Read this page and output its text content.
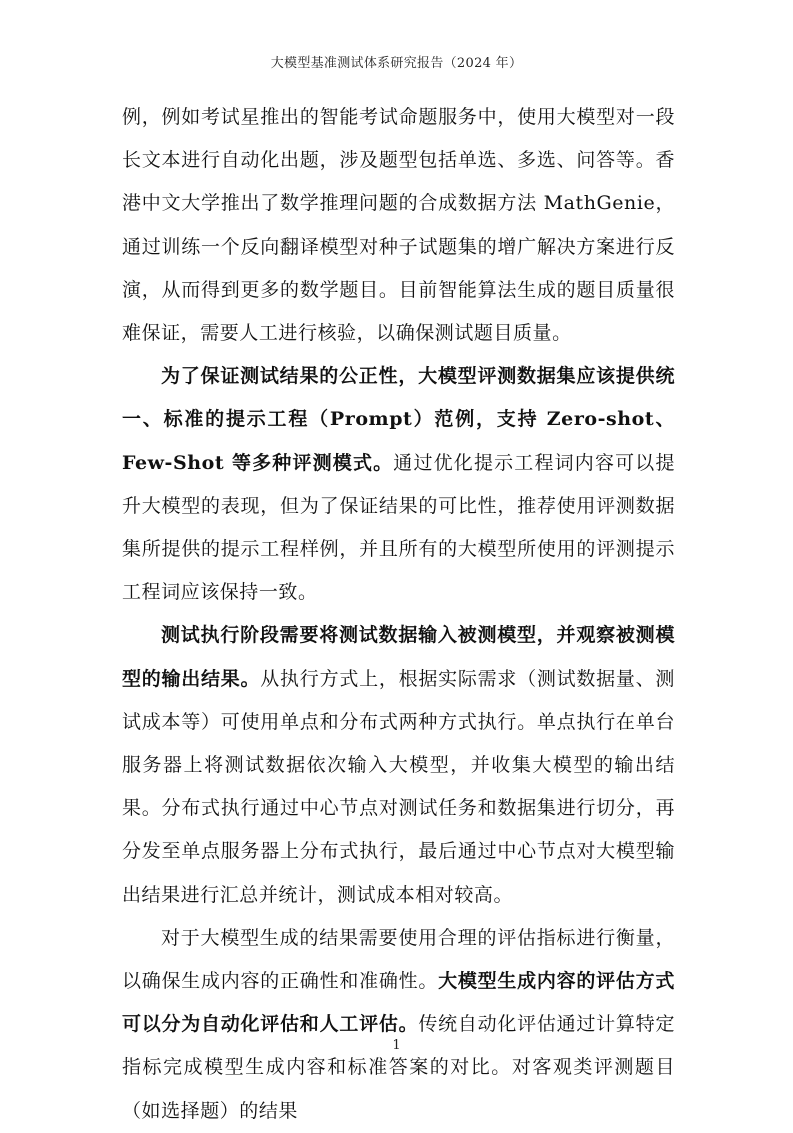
大模型基准测试体系研究报告（2024 年）

例，例如考试星推出的智能考试命题服务中，使用大模型对一段长文本进行自动化出题，涉及题型包括单选、多选、问答等。香港中文大学推出了数学推理问题的合成数据方法 MathGenie，通过训练一个反向翻译模型对种子试题集的增广解决方案进行反演，从而得到更多的数学题目。目前智能算法生成的题目质量很难保证，需要人工进行核验，以确保测试题目质量。

为了保证测试结果的公正性，大模型评测数据集应该提供统一、标准的提示工程（Prompt）范例，支持 Zero-shot、Few-Shot 等多种评测模式。通过优化提示工程词内容可以提升大模型的表现，但为了保证结果的可比性，推荐使用评测数据集所提供的提示工程样例，并且所有的大模型所使用的评测提示工程词应该保持一致。

测试执行阶段需要将测试数据输入被测模型，并观察被测模型的输出结果。从执行方式上，根据实际需求（测试数据量、测试成本等）可使用单点和分布式两种方式执行。单点执行在单台服务器上将测试数据依次输入大模型，并收集大模型的输出结果。分布式执行通过中心节点对测试任务和数据集进行切分，再分发至单点服务器上分布式执行，最后通过中心节点对大模型输出结果进行汇总并统计，测试成本相对较高。

对于大模型生成的结果需要使用合理的评估指标进行衡量，以确保生成内容的正确性和准确性。大模型生成内容的评估方式可以分为自动化评估和人工评估。传统自动化评估通过计算特定指标完成模型生成内容和标准答案的对比。对客观类评测题目（如选择题）的结果

1
